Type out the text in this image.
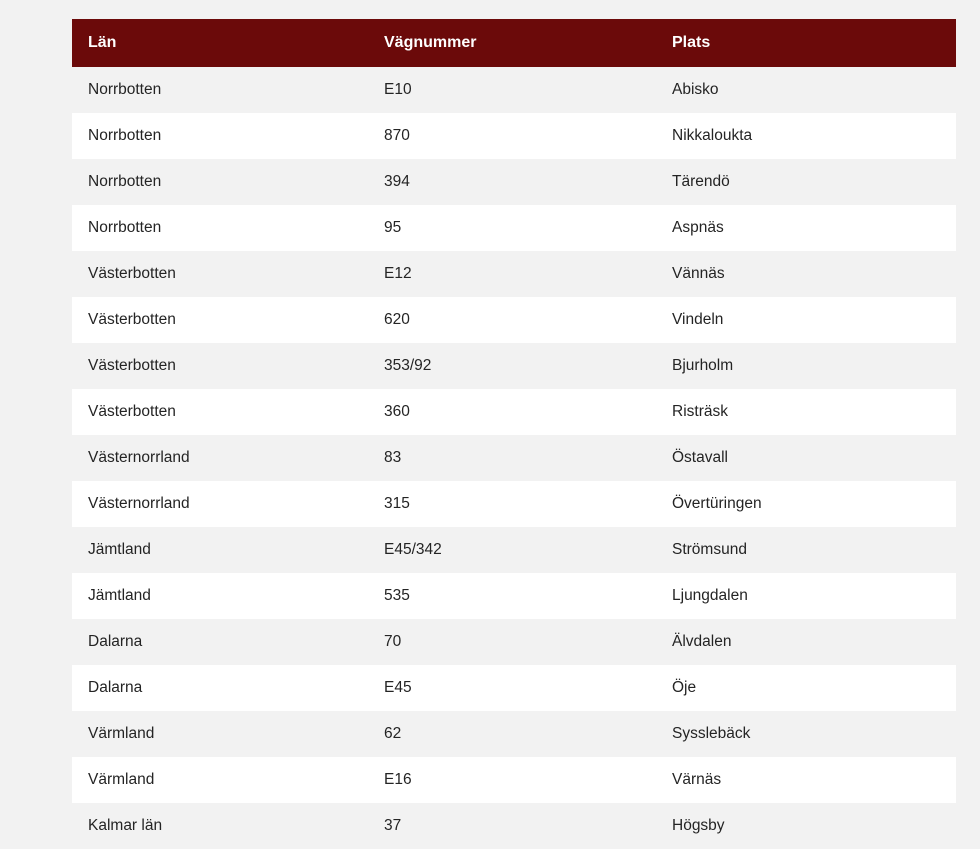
Län	Vägnummer	Plats
Norrbotten	E10	Abisko
Norrbotten	870	Nikkaloukta
Norrbotten	394	Tärendö
Norrbotten	95	Aspnäs
Västerbotten	E12	Vännäs
Västerbotten	620	Vindeln
Västerbotten	353/92	Bjurholm
Västerbotten	360	Risträsk
Västernorrland	83	Östavall
Västernorrland	315	Övertüringen
Jämtland	E45/342	Strömsund
Jämtland	535	Ljungdalen
Dalarna	70	Älvdalen
Dalarna	E45	Öje
Värmland	62	Sysslebäck
Värmland	E16	Värnäs
Kalmar län	37	Högsby
